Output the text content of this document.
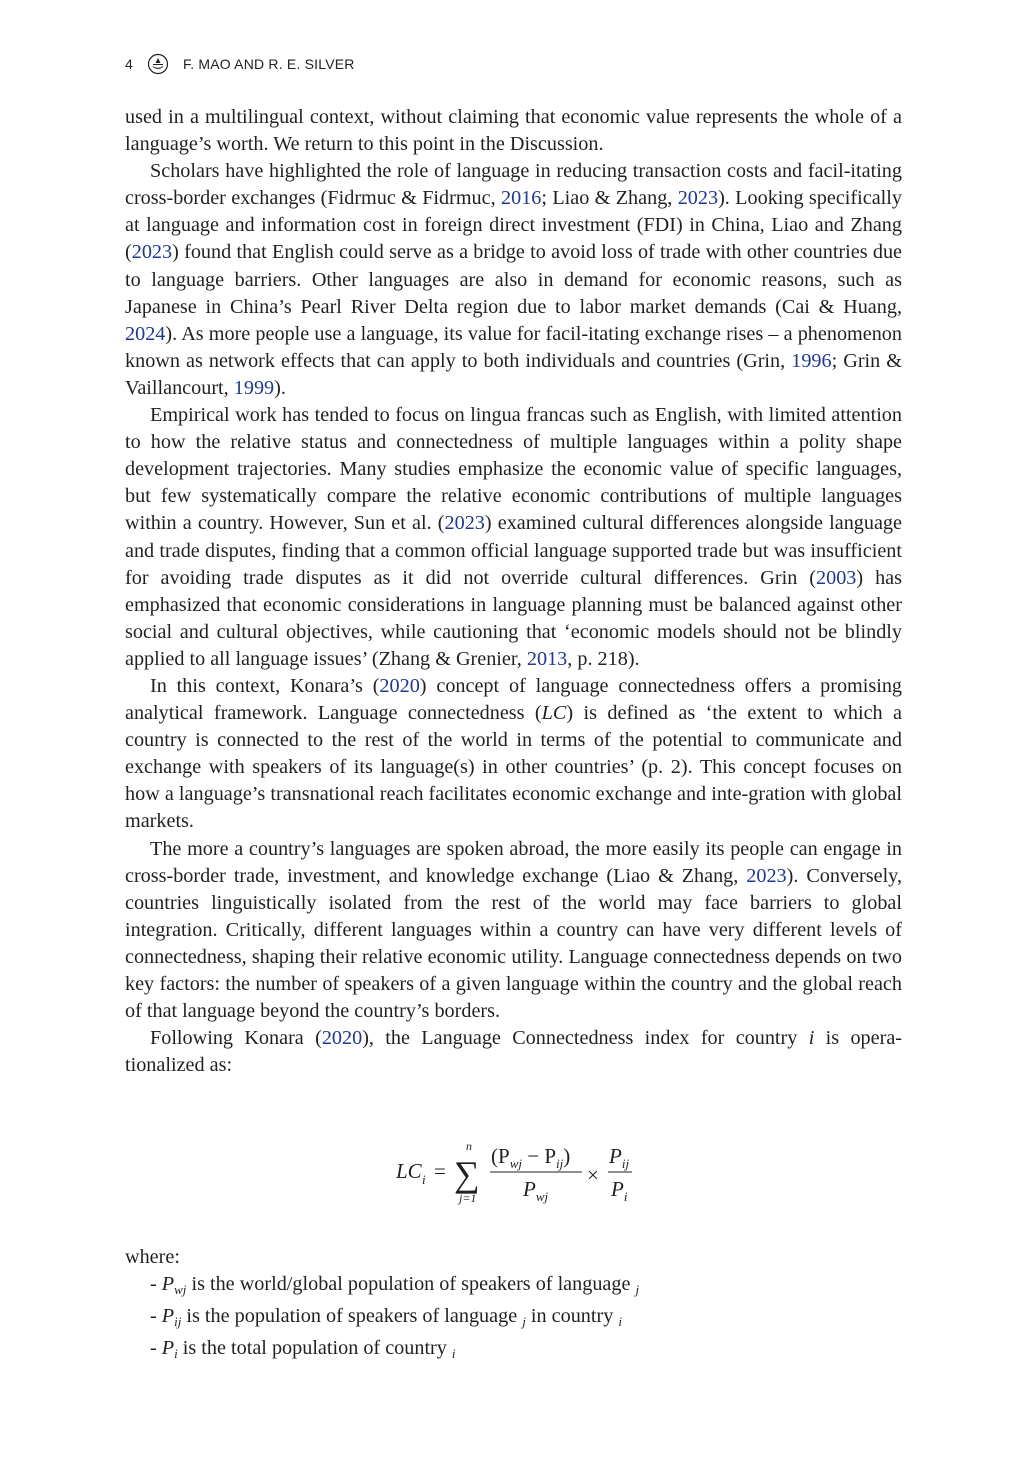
4	F. MAO AND R. E. SILVER

used in a multilingual context, without claiming that economic value represents the whole of a language’s worth. We return to this point in the Discussion.

Scholars have highlighted the role of language in reducing transaction costs and facil-itating cross-border exchanges (Fidrmuc & Fidrmuc, 2016; Liao & Zhang, 2023). Looking specifically at language and information cost in foreign direct investment (FDI) in China, Liao and Zhang (2023) found that English could serve as a bridge to avoid loss of trade with other countries due to language barriers. Other languages are also in demand for economic reasons, such as Japanese in China’s Pearl River Delta region due to labor market demands (Cai & Huang, 2024). As more people use a language, its value for facil-itating exchange rises – a phenomenon known as network effects that can apply to both individuals and countries (Grin, 1996; Grin & Vaillancourt, 1999).

Empirical work has tended to focus on lingua francas such as English, with limited attention to how the relative status and connectedness of multiple languages within a polity shape development trajectories. Many studies emphasize the economic value of specific languages, but few systematically compare the relative economic contributions of multiple languages within a country. However, Sun et al. (2023) examined cultural differences alongside language and trade disputes, finding that a common official language supported trade but was insufficient for avoiding trade disputes as it did not override cultural differences. Grin (2003) has emphasized that economic considerations in language planning must be balanced against other social and cultural objectives, while cautioning that ‘economic models should not be blindly applied to all language issues’ (Zhang & Grenier, 2013, p. 218).

In this context, Konara’s (2020) concept of language connectedness offers a promising analytical framework. Language connectedness (LC) is defined as ‘the extent to which a country is connected to the rest of the world in terms of the potential to communicate and exchange with speakers of its language(s) in other countries’ (p. 2). This concept focuses on how a language’s transnational reach facilitates economic exchange and inte-gration with global markets.

The more a country’s languages are spoken abroad, the more easily its people can engage in cross-border trade, investment, and knowledge exchange (Liao & Zhang, 2023). Conversely, countries linguistically isolated from the rest of the world may face barriers to global integration. Critically, different languages within a country can have very different levels of connectedness, shaping their relative economic utility. Language connectedness depends on two key factors: the number of speakers of a given language within the country and the global reach of that language beyond the country’s borders.

Following Konara (2020), the Language Connectedness index for country i is opera-tionalized as:

LC i =
n
∑
j=1
$(P_{wj} - P_{ij})$
$P_{wj}$
×
$P_{ij}$
$P_i$
where:
- $P_{wj}$ is the world/global population of speakers of language $_j$
- $P_{ij}$ is the population of speakers of language $_j$ in country $_i$
- $P_i$ is the total population of country $_i$
